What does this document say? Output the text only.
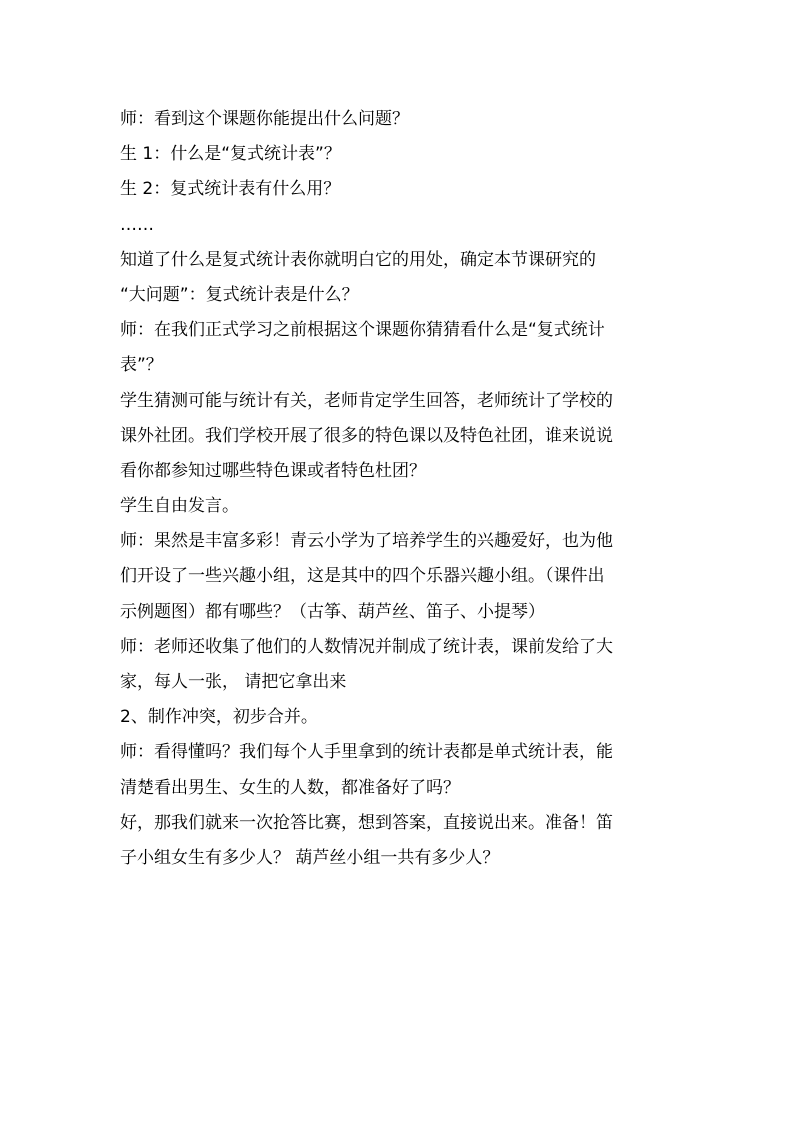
师：看到这个课题你能提出什么问题？
生 1：什么是“复式统计表”？
生 2：复式统计表有什么用？
……
知道了什么是复式统计表你就明白它的用处，确定本节课研究的
“大问题”：复式统计表是什么？
师：在我们正式学习之前根据这个课题你猜猜看什么是“复式统计
表”？
学生猜测可能与统计有关，老师肯定学生回答，老师统计了学校的
课外社团。我们学校开展了很多的特色课以及特色社团，谁来说说
看你都参知过哪些特色课或者特色杜团？
学生自由发言。
师：果然是丰富多彩！青云小学为了培养学生的兴趣爱好，也为他
们开设了一些兴趣小组，这是其中的四个乐器兴趣小组。（课件出
示例题图）都有哪些？（古筝、葫芦丝、笛子、小提琴）
师：老师还收集了他们的人数情况并制成了统计表，课前发给了大
家，每人一张， 请把它拿出来
2、制作冲突，初步合并。
师：看得懂吗？我们每个人手里拿到的统计表都是单式统计表，能
清楚看出男生、女生的人数，都准备好了吗？
好，那我们就来一次抢答比赛，想到答案，直接说出来。准备！笛
子小组女生有多少人？ 葫芦丝小组一共有多少人？
